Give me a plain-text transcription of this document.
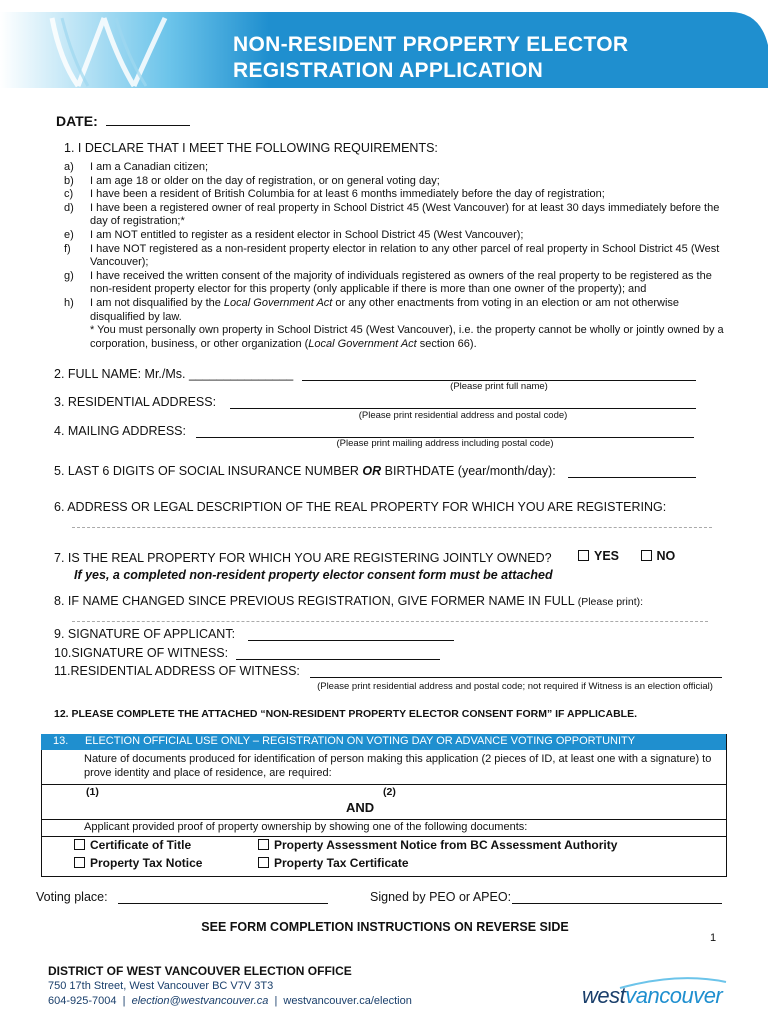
NON-RESIDENT PROPERTY ELECTOR
REGISTRATION APPLICATION
DATE:
1. I DECLARE THAT I MEET THE FOLLOWING REQUIREMENTS:
a)	I am a Canadian citizen;
b)	I am age 18 or older on the day of registration, or on general voting day;
c)	I have been a resident of British Columbia for at least 6 months immediately before the day of registration;
d)	I have been a registered owner of real property in School District 45 (West Vancouver) for at least 30 days immediately before the day of registration;*
e)	I am NOT entitled to register as a resident elector in School District 45 (West Vancouver);
f)	I have NOT registered as a non-resident property elector in relation to any other parcel of real property in School District 45 (West Vancouver);
g)	I have received the written consent of the majority of individuals registered as owners of the real property to be registered as the non-resident property elector for this property (only applicable if there is more than one owner of the property); and
h)	I am not disqualified by the Local Government Act or any other enactments from voting in an election or am not otherwise disqualified by law.
* You must personally own property in School District 45 (West Vancouver), i.e. the property cannot be wholly or jointly owned by a corporation, business, or other organization (Local Government Act section 66).
2. FULL NAME: Mr./Ms. _______________
(Please print full name)
3. RESIDENTIAL ADDRESS:
(Please print residential address and postal code)
4. MAILING ADDRESS:
(Please print mailing address including postal code)
5. LAST 6 DIGITS OF SOCIAL INSURANCE NUMBER OR BIRTHDATE (year/month/day):
6. ADDRESS OR LEGAL DESCRIPTION OF THE REAL PROPERTY FOR WHICH YOU ARE REGISTERING:
7. IS THE REAL PROPERTY FOR WHICH YOU ARE REGISTERING JOINTLY OWNED?	YES	NO
If yes, a completed non-resident property elector consent form must be attached
8. IF NAME CHANGED SINCE PREVIOUS REGISTRATION, GIVE FORMER NAME IN FULL (Please print):
9. SIGNATURE OF APPLICANT:
10.SIGNATURE OF WITNESS:
11.RESIDENTIAL ADDRESS OF WITNESS:
(Please print residential address and postal code; not required if Witness is an election official)
12. PLEASE COMPLETE THE ATTACHED “NON-RESIDENT PROPERTY ELECTOR CONSENT FORM” IF APPLICABLE.
13. ELECTION OFFICIAL USE ONLY – REGISTRATION ON VOTING DAY OR ADVANCE VOTING OPPORTUNITY
Nature of documents produced for identification of person making this application (2 pieces of ID, at least one with a signature) to prove identity and place of residence, are required:
(1)	(2)
AND
Applicant provided proof of property ownership by showing one of the following documents:
Certificate of Title	Property Assessment Notice from BC Assessment Authority
Property Tax Notice	Property Tax Certificate
Voting place:	Signed by PEO or APEO:
SEE FORM COMPLETION INSTRUCTIONS ON REVERSE SIDE
1
DISTRICT OF WEST VANCOUVER ELECTION OFFICE
750 17th Street, West Vancouver BC V7V 3T3
604-925-7004  |  election@westvancouver.ca  |  westvancouver.ca/election	westvancouver
